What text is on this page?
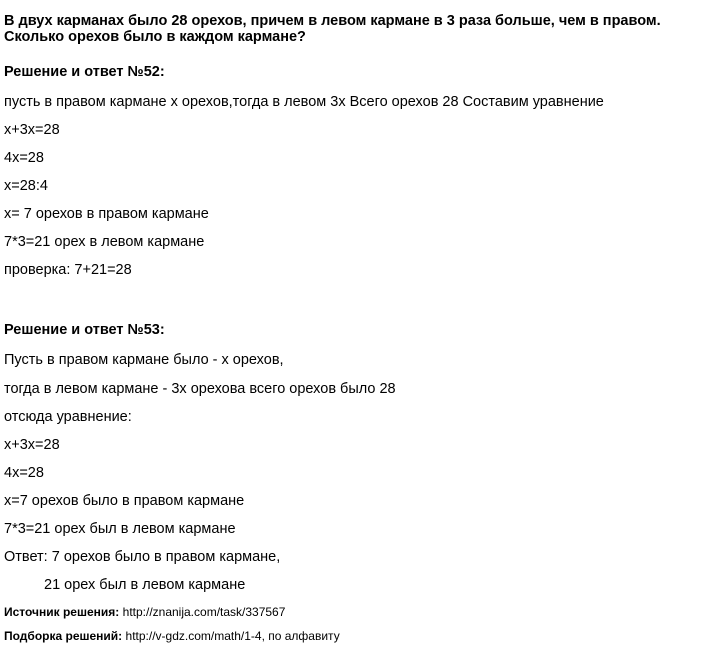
В двух карманах было 28 орехов, причем в левом кармане в 3 раза больше, чем в правом. Сколько орехов было в каждом кармане?
Решение и ответ №52:
пусть в правом кармане х орехов,тогда в левом 3х Всего орехов 28 Составим уравнение
х+3х=28
4х=28
х=28:4
х= 7 орехов в правом кармане
7*3=21 орех в левом кармане
проверка: 7+21=28
Решение и ответ №53:
Пусть в правом кармане было - х орехов,
тогда в левом кармане - 3х орехова всего орехов было 28
отсюда уравнение:
х+3х=28
4х=28
х=7 орехов было в правом кармане
7*3=21 орех был в левом кармане
Ответ: 7 орехов было в правом кармане,
21 орех был в левом кармане
Источник решения: http://znanija.com/task/337567
Подборка решений: http://v-gdz.com/math/1-4, по алфавиту
